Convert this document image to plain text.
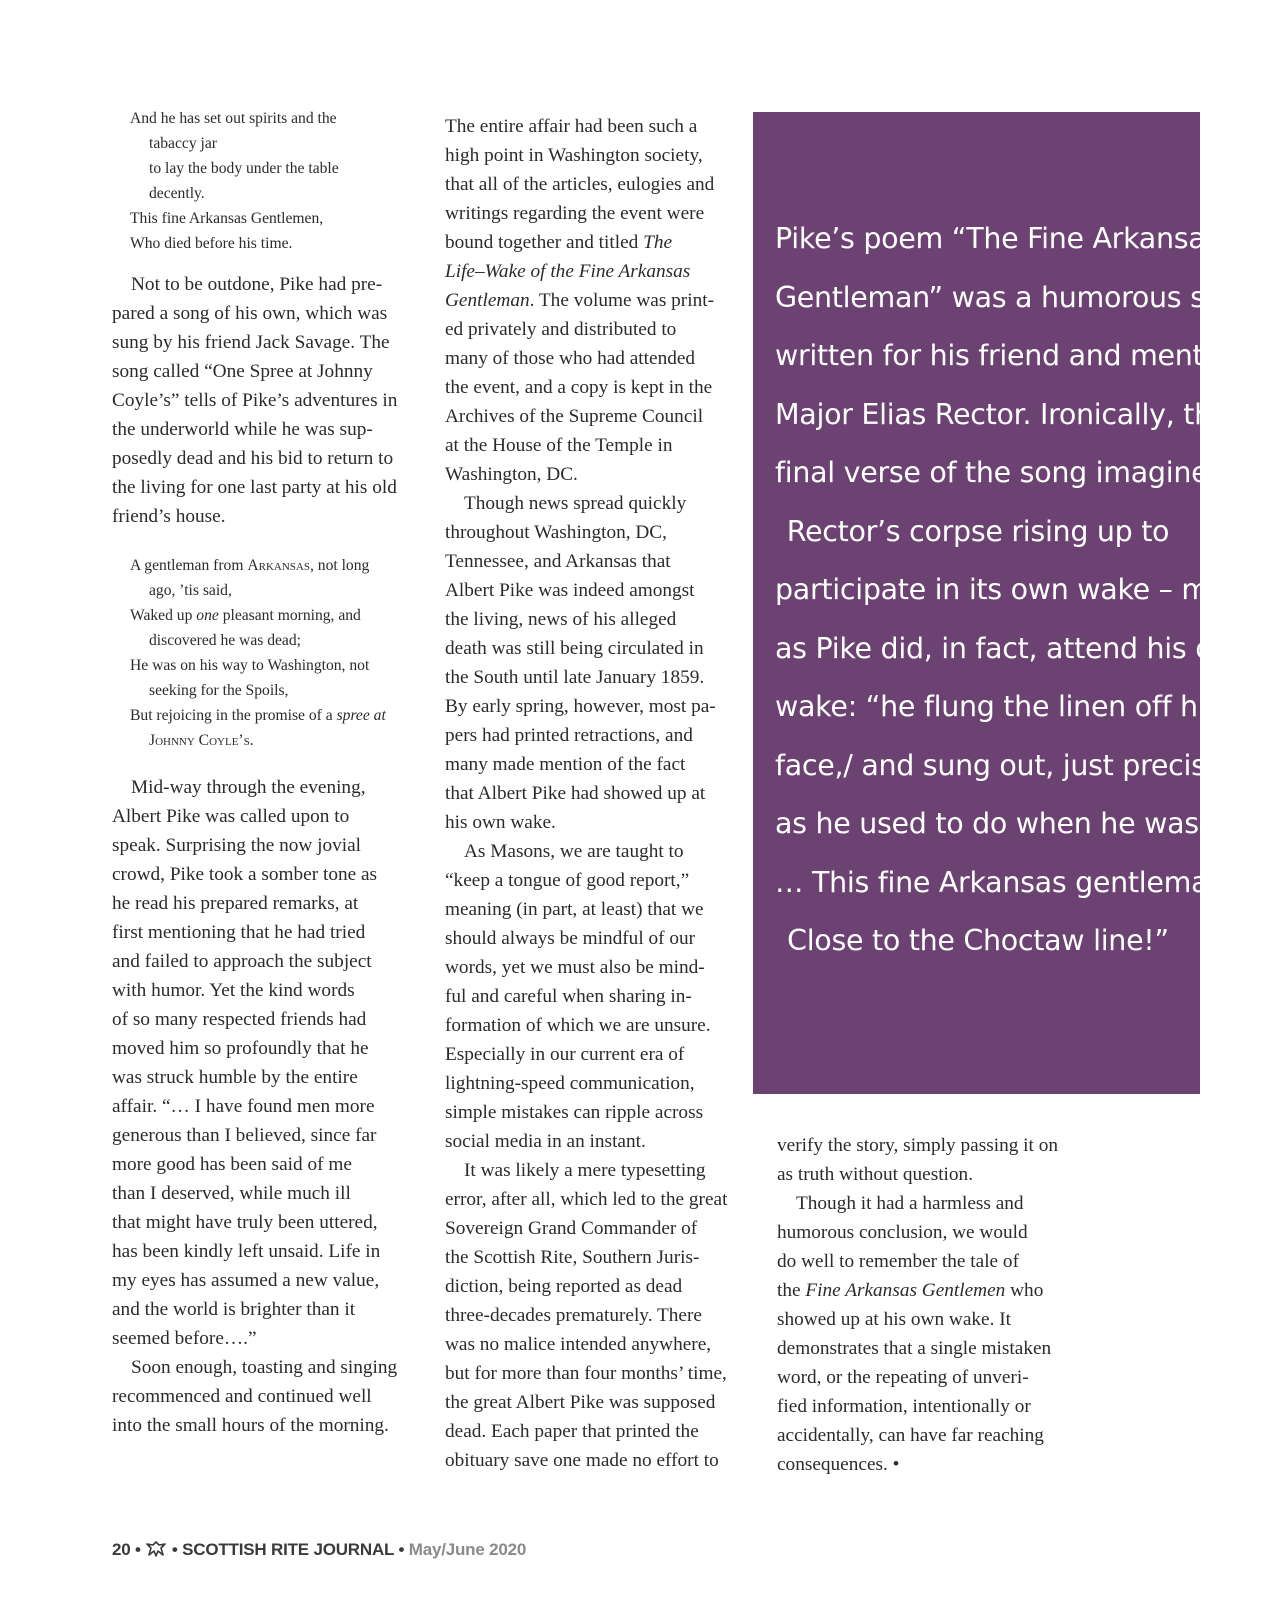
And he has set out spirits and the
tabaccy jar
to lay the body under the table
decently.
This fine Arkansas Gentlemen,
Who died before his time.
Not to be outdone, Pike had pre-
pared a song of his own, which was
sung by his friend Jack Savage. The
song called “One Spree at Johnny
Coyle’s” tells of Pike’s adventures in
the underworld while he was sup-
posedly dead and his bid to return to
the living for one last party at his old
friend’s house.
A gentleman from Arkansas, not long
ago, ’tis said,
Waked up one pleasant morning, and
discovered he was dead;
He was on his way to Washington, not
seeking for the Spoils,
But rejoicing in the promise of a spree at
Johnny Coyle’s.
Mid-way through the evening,
Albert Pike was called upon to
speak. Surprising the now jovial
crowd, Pike took a somber tone as
he read his prepared remarks, at
first mentioning that he had tried
and failed to approach the subject
with humor. Yet the kind words
of so many respected friends had
moved him so profoundly that he
was struck humble by the entire
affair. “… I have found men more
generous than I believed, since far
more good has been said of me
than I deserved, while much ill
that might have truly been uttered,
has been kindly left unsaid. Life in
my eyes has assumed a new value,
and the world is brighter than it
seemed before….”
Soon enough, toasting and singing
recommenced and continued well
into the small hours of the morning.
The entire affair had been such a
high point in Washington society,
that all of the articles, eulogies and
writings regarding the event were
bound together and titled The
Life–Wake of the Fine Arkansas
Gentleman. The volume was print-
ed privately and distributed to
many of those who had attended
the event, and a copy is kept in the
Archives of the Supreme Council
at the House of the Temple in
Washington, DC.
Though news spread quickly
throughout Washington, DC,
Tennessee, and Arkansas that
Albert Pike was indeed amongst
the living, news of his alleged
death was still being circulated in
the South until late January 1859.
By early spring, however, most pa-
pers had printed retractions, and
many made mention of the fact
that Albert Pike had showed up at
his own wake.
As Masons, we are taught to
“keep a tongue of good report,”
meaning (in part, at least) that we
should always be mindful of our
words, yet we must also be mind-
ful and careful when sharing in-
formation of which we are unsure.
Especially in our current era of
lightning-speed communication,
simple mistakes can ripple across
social media in an instant.
It was likely a mere typesetting
error, after all, which led to the great
Sovereign Grand Commander of
the Scottish Rite, Southern Juris-
diction, being reported as dead
three-decades prematurely. There
was no malice intended anywhere,
but for more than four months’ time,
the great Albert Pike was supposed
dead. Each paper that printed the
obituary save one made no effort to
Pike’s poem “The Fine Arkansas
Gentleman” was a humorous song
written for his friend and mentor
Major Elias Rector. Ironically, the
final verse of the song imagines
Rector’s corpse rising up to
participate in its own wake – much
as Pike did, in fact, attend his own
wake: “he flung the linen off his
face,/ and sung out, just precisely
as he used to do when he was alive
… This fine Arkansas gentleman,
Close to the Choctaw line!”
verify the story, simply passing it on
as truth without question.
Though it had a harmless and
humorous conclusion, we would
do well to remember the tale of
the Fine Arkansas Gentlemen who
showed up at his own wake. It
demonstrates that a single mistaken
word, or the repeating of unveri-
fied information, intentionally or
accidentally, can have far reaching
consequences. •
20 •  • SCOTTISH RITE JOURNAL • May/June 2020
